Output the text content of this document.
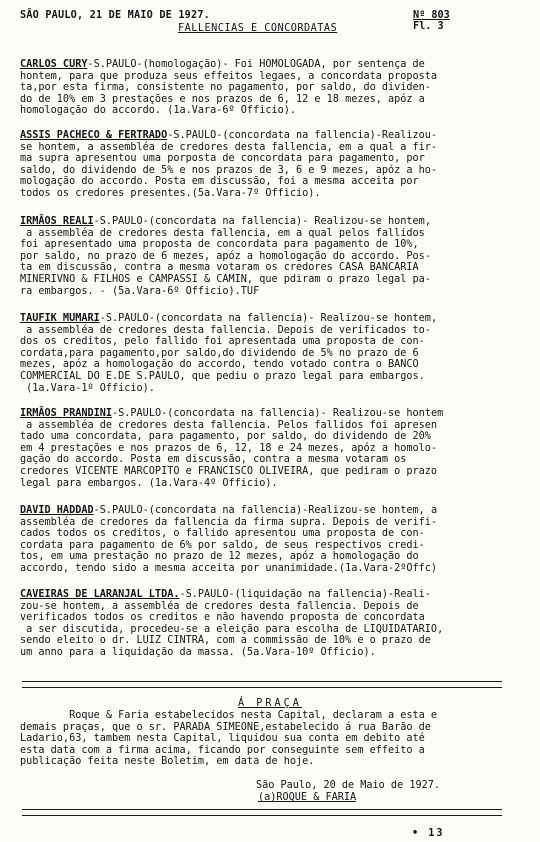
SÃO PAULO, 21 DE MAIO DE 1927.	Nº 803
Fl. 3
FALLENCIAS E CONCORDATAS

CARLOS CURY-S.PAULO-(homologação)- Foi HOMOLOGADA, por sentença de

hontem, para que produza seus effeitos legaes, a concordata proposta

ta,por esta firma, consistente no pagamento, por saldo, do dividen-

do de 10% em 3 prestações e nos prazos de 6, 12 e 18 mezes, apóz a

homologação do accordo. (1a.Vara-6º Officio).

ASSIS PACHECO & FERTRADO-S.PAULO-(concordata na fallencia)-Realizou-

se hontem, a assembléa de credores desta fallencia, em a qual a fir-

ma supra apresentou uma porposta de concordata para pagamento, por

saldo, do dividendo de 5% e nos prazos de 3, 6 e 9 mezes, apóz a ho-

mologação do accordo. Posta em discussão, foi a mesma acceita por

todos os credores presentes.(5a.Vara-7º Officio).

IRMÃOS REALI-S.PAULO-(concordata na fallencia)- Realizou-se hontem,

a assembléa de credores desta fallencia, em a qual pelos fallidos

foi apresentado uma proposta de concordata para pagamento de 10%,

por saldo, no prazo de 6 mezes, apóz a homologação do accordo. Pos-

ta em discussão, contra a mesma votaram os credores CASA BANCARIA

MINERIVNO & FILHOS e CAMPASSI & CAMIN, que pdiram o prazo legal pa-

ra embargos. - (5a.Vara-6º Officio).TUF

TAUFIK MUMARI-S.PAULO-(concordata na fallencia)- Realizou-se hontem,

a assembléa de credores desta fallencia. Depois de verificados to-

dos os creditos, pelo fallido foi apresentada uma proposta de con-

cordata,para pagamento,por saldo,do dividendo de 5% no prazo de 6

mezes, apóz a homologação do accordo, tendo votado contra o BANCO

COMMERCIAL DO E.DE S.PAULO, que pediu o prazo legal para embargos.

(1a.Vara-1º Officio).

IRMÃOS PRANDINI-S.PAULO-(concordata na fallencia)- Realizou-se hontem

a assembléa de credores desta fallencia. Pelos fallidos foi apresen

tado uma concordata, para pagamento, por saldo, do dividendo de 20%

em 4 prestações e nos prazos de 6, 12, 18 e 24 mezes, apóz a homolo-

gação do accordo. Posta em discussão, contra a mesma votaram os

credores VICENTE MARCOPITO e FRANCISCO OLIVEIRA, que pediram o prazo

legal para embargos. (1a.Vara-4º Officio).

DAVID HADDAD-S.PAULO-(concordata na fallencia)-Realizou-se hontem, a

assembléa de credores da fallencia da firma supra. Depois de verifi-

cados todos os creditos, o fallido apresentou uma proposta de con-

cordata para pagamento de 6% por saldo, de seus respectivos credi-

tos, em uma prestação no prazo de 12 mezes, apóz a homologação do

accordo, tendo sido a mesma acceita por unanimidade.(1a.Vara-2ºOffc)

CAVEIRAS DE LARANJAL LTDA.-S.PAULO-(liquidação na fallencia)-Reali-

zou-se hontem, a assembléa de credores desta fallencia. Depois de

verificados todos os creditos e não havendo proposta de concordata

a ser discutida, procedeu-se a eleição para escolha de LIQUIDATARIO,

sendo eleito o dr. LUIZ CINTRA, com a commissão de 10% e o prazo de

um anno para a liquidação da massa. (5a.Vara-10º Officio).

Á PRAÇA

Roque & Faria estabelecidos nesta Capital, declaram a esta e

demais praças, que o sr. PARADA SIMEONE,estabelecido á rua Barão de

Ladario,63, tambem nesta Capital, liquidou sua conta em debito até

esta data com a firma acima, ficando por conseguinte sem effeito a

publicação feita neste Boletim, em data de hoje.

São Paulo, 20 de Maio de 1927.
(a)ROQUE & FARIA
• 13
